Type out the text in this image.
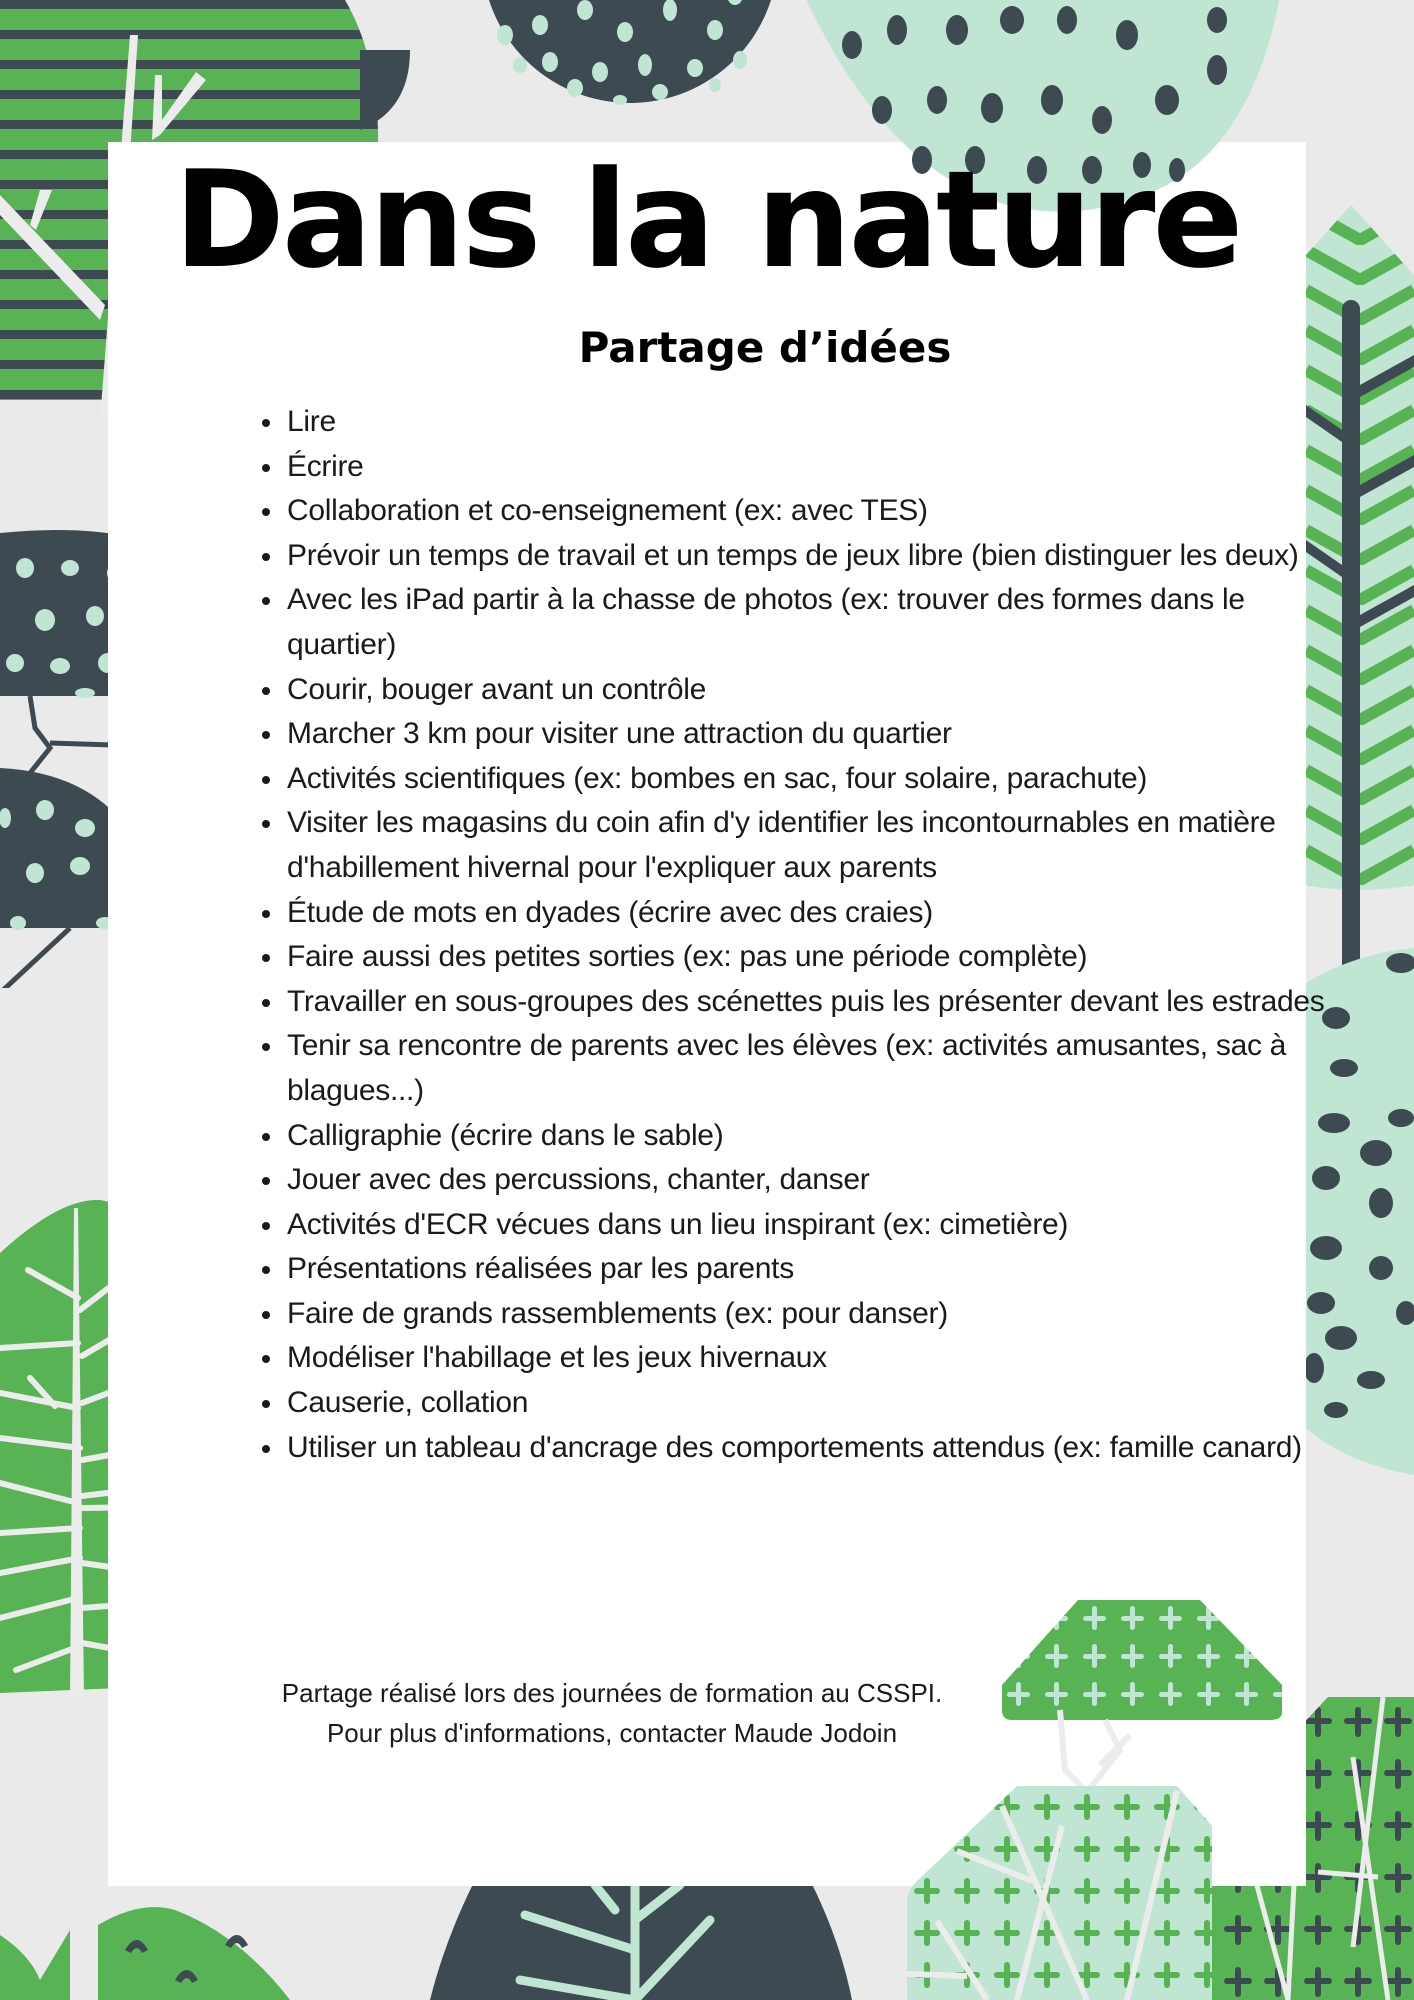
Dans la nature
Partage d’idées
• Lire
• Écrire
• Collaboration et co-enseignement (ex: avec TES)
• Prévoir un temps de travail et un temps de jeux libre (bien distinguer les deux)
• Avec les iPad partir à la chasse de photos (ex: trouver des formes dans le quartier)
• Courir, bouger avant un contrôle
• Marcher 3 km pour visiter une attraction du quartier
• Activités scientifiques (ex: bombes en sac, four solaire, parachute)
• Visiter les magasins du coin afin d'y identifier les incontournables en matière d'habillement hivernal pour l'expliquer aux parents
• Étude de mots en dyades (écrire avec des craies)
• Faire aussi des petites sorties (ex: pas une période complète)
• Travailler en sous-groupes des scénettes puis les présenter devant les estrades
• Tenir sa rencontre de parents avec les élèves (ex: activités amusantes, sac à blagues...)
• Calligraphie (écrire dans le sable)
• Jouer avec des percussions, chanter, danser
• Activités d'ECR vécues dans un lieu inspirant (ex: cimetière)
• Présentations réalisées par les parents
• Faire de grands rassemblements (ex: pour danser)
• Modéliser l'habillage et les jeux hivernaux
• Causerie, collation
• Utiliser un tableau d'ancrage des comportements attendus (ex: famille canard)

Partage réalisé lors des journées de formation au CSSPI.

Pour plus d'informations, contacter Maude Jodoin
